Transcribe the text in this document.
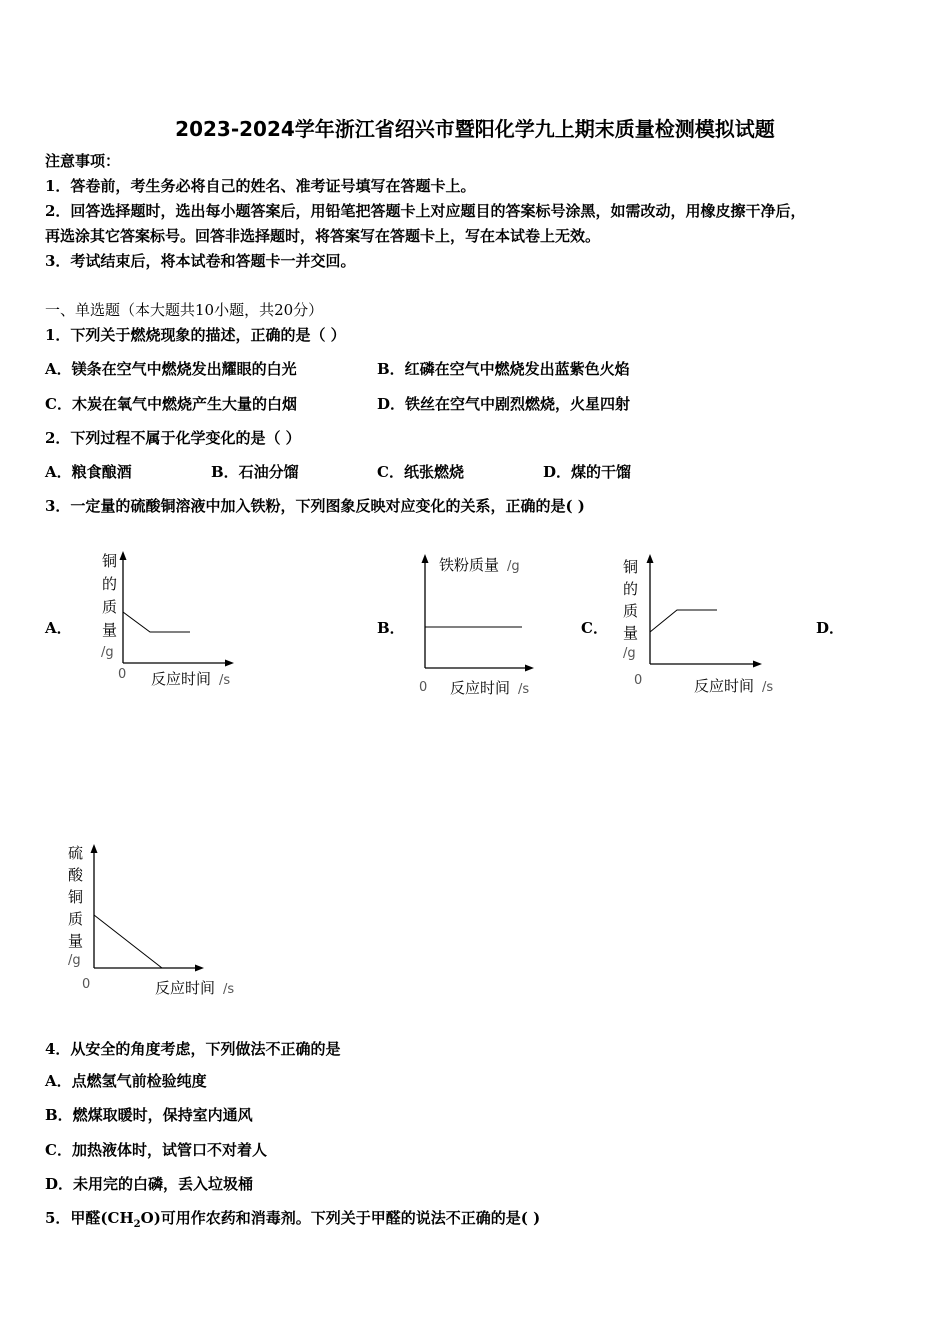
2023-2024学年浙江省绍兴市暨阳化学九上期末质量检测模拟试题
注意事项：
1．答卷前，考生务必将自己的姓名、准考证号填写在答题卡上。
2．回答选择题时，选出每小题答案后，用铅笔把答题卡上对应题目的答案标号涂黑，如需改动，用橡皮擦干净后，
再选涂其它答案标号。回答非选择题时，将答案写在答题卡上，写在本试卷上无效。
3．考试结束后，将本试卷和答题卡一并交回。
一、单选题（本大题共10小题，共20分）
1．下列关于燃烧现象的描述，正确的是（ ）
A．镁条在空气中燃烧发出耀眼的白光	B．红磷在空气中燃烧发出蓝紫色火焰
C．木炭在氧气中燃烧产生大量的白烟	D．铁丝在空气中剧烈燃烧，火星四射
2．下列过程不属于化学变化的是（ ）
A．粮食酿酒	B．石油分馏	C．纸张燃烧	D．煤的干馏
3．一定量的硫酸铜溶液中加入铁粉，下列图象反映对应变化的关系，正确的是( )
A．	B．	C．	D．
铜
的
质
量
/g
0 反应时间 /s
铁粉质量 /g
0 反应时间 /s
铜
的
质
量
/g
0	反应时间 /s
硫
酸
铜
质
量
/g
0	反应时间 /s
4．从安全的角度考虑，下列做法不正确的是
A．点燃氢气前检验纯度
B．燃煤取暖时，保持室内通风
C．加热液体时，试管口不对着人
D．未用完的白磷，丢入垃圾桶
5．甲醛$(CH_2O)$可用作农药和消毒剂。下列关于甲醛的说法不正确的是( )
